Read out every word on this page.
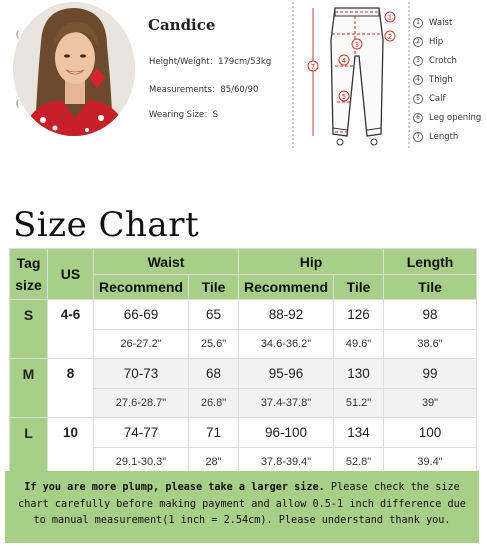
Candice
Height/Weight：179cm/53kg
Measurements：85/60/90
Wearing Size：S
1
2
7
4
5
3
1	Waist
2	Hip
3	Crotch
4	Thigh
5	Calf
6	Leg opening
7	Length
Size Chart
Tag
size	US	Waist		Hip		Length
		Recommend	Tile	Recommend	Tile	Tile
S	4-6	66-69	65	88-92	126	98
		26-27.2"	25.6"	34.6-36.2"	49.6"	38.6"
M	8	70-73	68	95-96	130	99
		27.6-28.7"	26.8"	37.4-37.8"	51.2"	39"
L	10	74-77	71	96-100	134	100
		29.1-30.3"	28"	37.8-39.4"	52.8"	39.4"
If you are more plump, please take a larger size. Please check the size chart carefully before making payment and allow 0.5-1 inch difference due to manual measurement(1 inch = 2.54cm). Please understand thank you.
